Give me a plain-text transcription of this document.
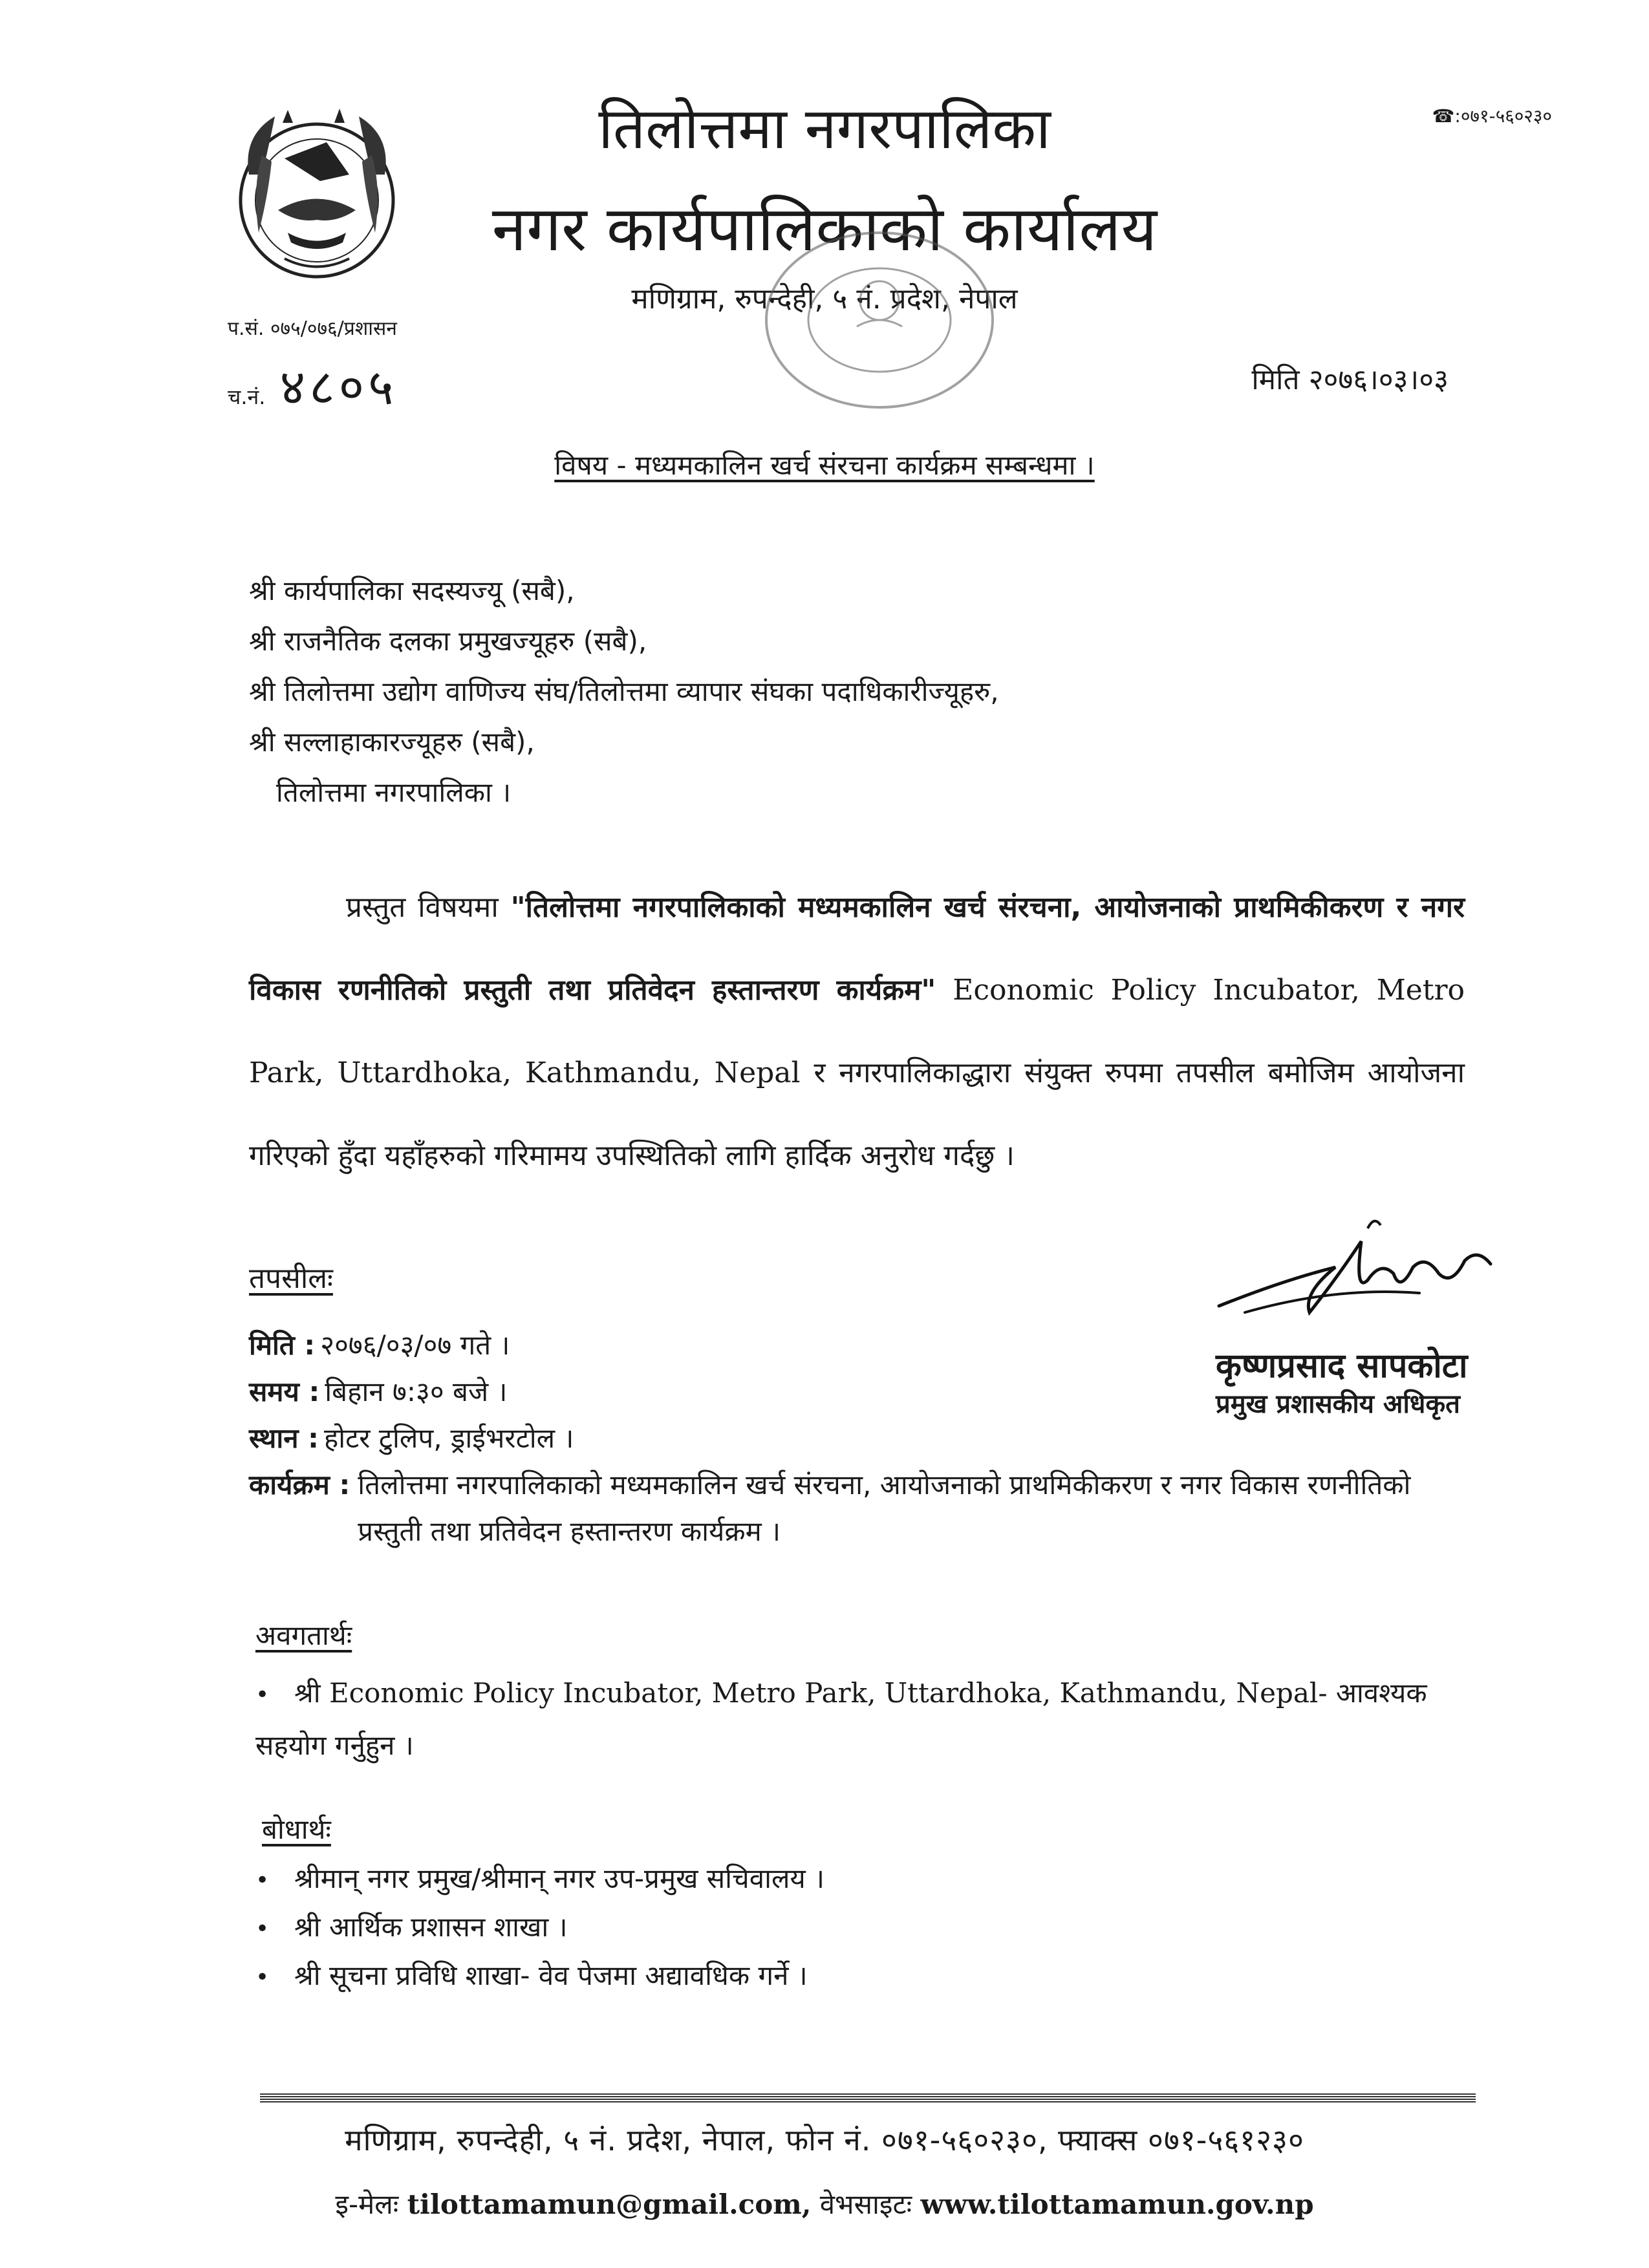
☎:०७१-५६०२३०
तिलोत्तमा नगरपालिका
नगर कार्यपालिकाको कार्यालय
मणिग्राम, रुपन्देही, ५ नं. प्रदेश, नेपाल
प.सं. ०७५/०७६/प्रशासन
च.नं. ४८०५	मिति २०७६।०३।०३
विषय - मध्यमकालिन खर्च संरचना कार्यक्रम सम्बन्धमा ।
श्री कार्यपालिका सदस्यज्यू (सबै),
श्री राजनैतिक दलका प्रमुखज्यूहरु (सबै),
श्री तिलोत्तमा उद्योग वाणिज्य संघ/तिलोत्तमा व्यापार संघका पदाधिकारीज्यूहरु,
श्री सल्लाहाकारज्यूहरु (सबै),
तिलोत्तमा नगरपालिका ।
प्रस्तुत विषयमा "तिलोत्तमा नगरपालिकाको मध्यमकालिन खर्च संरचना, आयोजनाको प्राथमिकीकरण र नगर विकास रणनीतिको प्रस्तुती तथा प्रतिवेदन हस्तान्तरण कार्यक्रम" Economic Policy Incubator, Metro Park, Uttardhoka, Kathmandu, Nepal र नगरपालिकाद्धारा संयुक्त रुपमा तपसील बमोजिम आयोजना गरिएको हुँदा यहाँहरुको गरिमामय उपस्थितिको लागि हार्दिक अनुरोध गर्दछु ।
तपसीलः
मिति : २०७६/०३/०७ गते ।
समय : बिहान ७:३० बजे ।
स्थान : होटर टुलिप, ड्राईभरटोल ।
कार्यक्रम : तिलोत्तमा नगरपालिकाको मध्यमकालिन खर्च संरचना, आयोजनाको प्राथमिकीकरण र नगर विकास रणनीतिको प्रस्तुती तथा प्रतिवेदन हस्तान्तरण कार्यक्रम ।
कृष्णप्रसाद सापकोटा
प्रमुख प्रशासकीय अधिकृत
अवगतार्थः
• श्री Economic Policy Incubator, Metro Park, Uttardhoka, Kathmandu, Nepal- आवश्यक सहयोग गर्नुहुन ।
बोधार्थः
• श्रीमान् नगर प्रमुख/श्रीमान् नगर उप-प्रमुख सचिवालय ।
• श्री आर्थिक प्रशासन शाखा ।
• श्री सूचना प्रविधि शाखा- वेव पेजमा अद्यावधिक गर्ने ।
मणिग्राम, रुपन्देही, ५ नं. प्रदेश, नेपाल, फोन नं. ०७१-५६०२३०, फ्याक्स ०७१-५६१२३०
इ-मेलः tilottamamun@gmail.com, वेभसाइटः www.tilottamamun.gov.np
